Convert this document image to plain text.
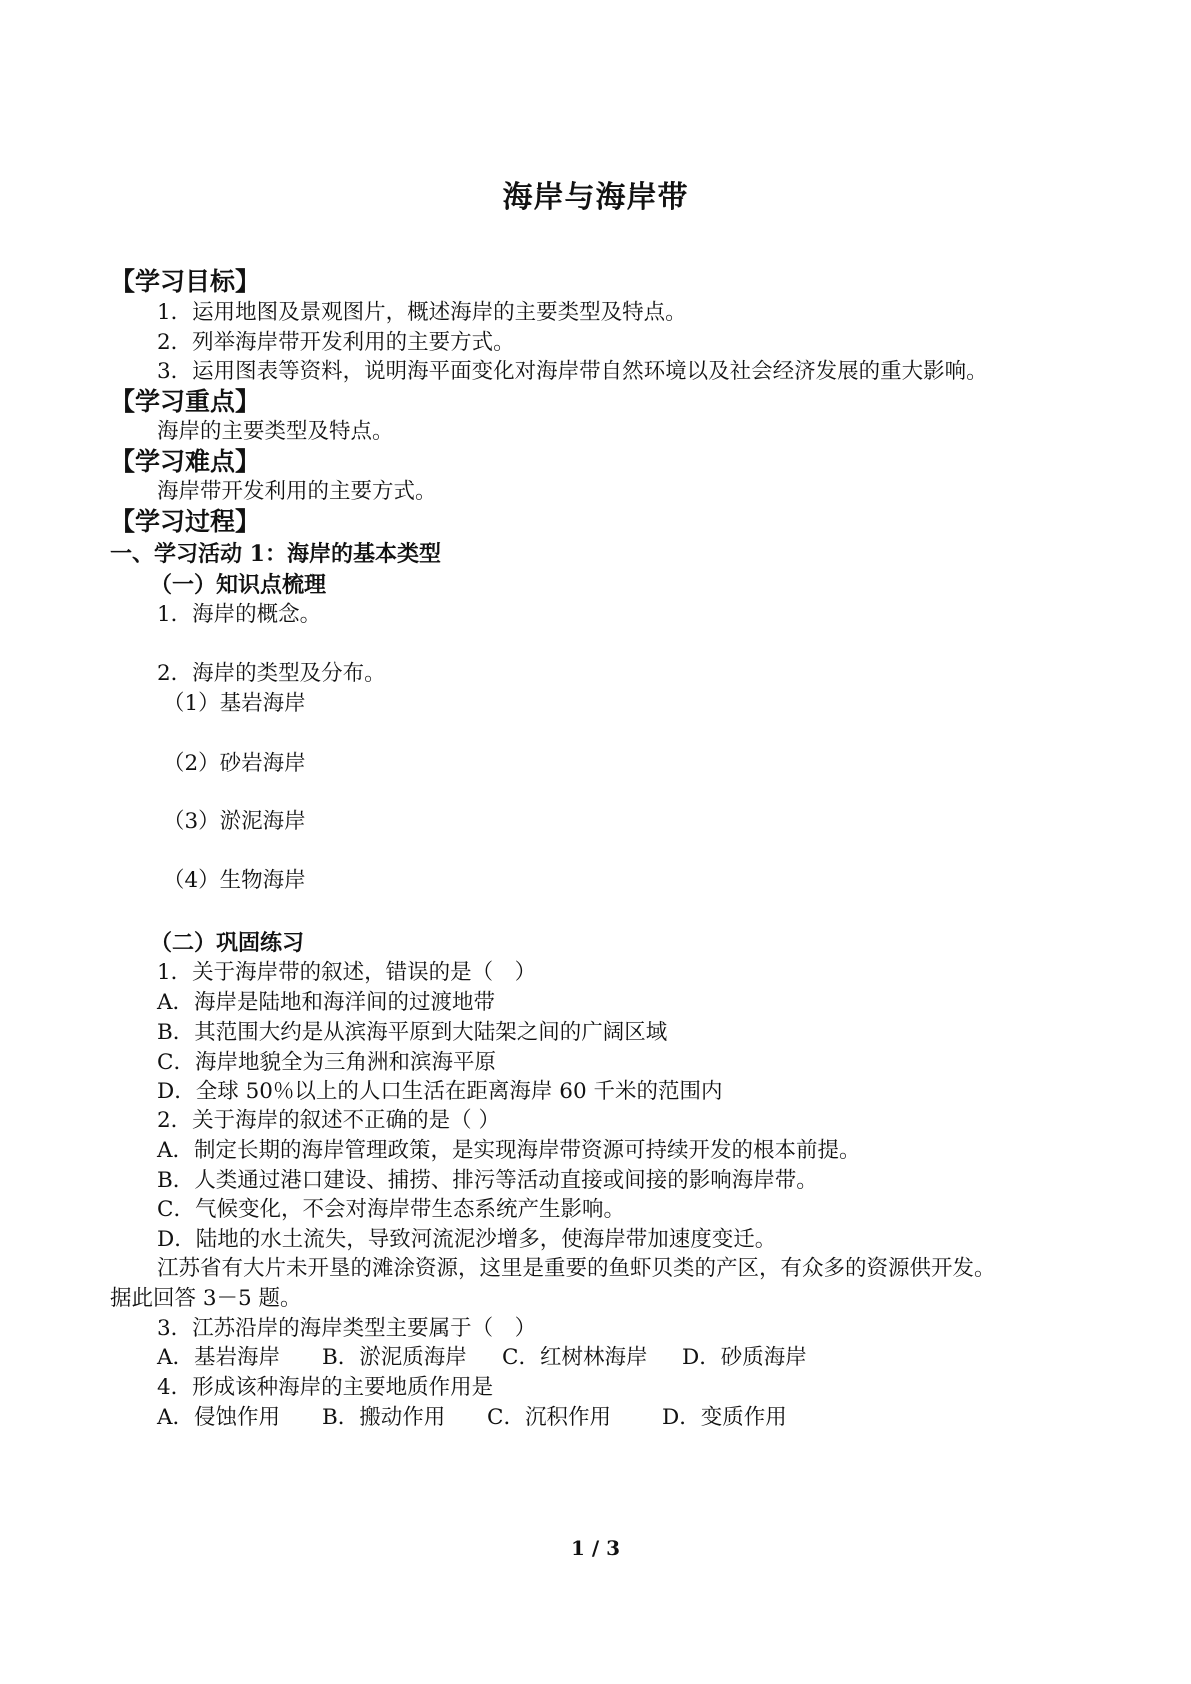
海岸与海岸带
【学习目标】
1．运用地图及景观图片，概述海岸的主要类型及特点。
2．列举海岸带开发利用的主要方式。
3．运用图表等资料，说明海平面变化对海岸带自然环境以及社会经济发展的重大影响。
【学习重点】
海岸的主要类型及特点。
【学习难点】
海岸带开发利用的主要方式。
【学习过程】
一、学习活动 1：海岸的基本类型
（一）知识点梳理
1．海岸的概念。
2．海岸的类型及分布。
（1）基岩海岸
（2）砂岩海岸
（3）淤泥海岸
（4）生物海岸
（二）巩固练习
1．关于海岸带的叙述，错误的是（　）
A．海岸是陆地和海洋间的过渡地带
B．其范围大约是从滨海平原到大陆架之间的广阔区域
C．海岸地貌全为三角洲和滨海平原
D．全球 50％以上的人口生活在距离海岸 60 千米的范围内
2．关于海岸的叙述不正确的是（ ）
A．制定长期的海岸管理政策，是实现海岸带资源可持续开发的根本前提。
B．人类通过港口建设、捕捞、排污等活动直接或间接的影响海岸带。
C．气候变化，不会对海岸带生态系统产生影响。
D．陆地的水土流失，导致河流泥沙增多，使海岸带加速度变迁。
江苏省有大片未开垦的滩涂资源，这里是重要的鱼虾贝类的产区，有众多的资源供开发。
据此回答 3－5 题。
3．江苏沿岸的海岸类型主要属于（　）
A．基岩海岸 B．淤泥质海岸 C．红树林海岸 D．砂质海岸
4．形成该种海岸的主要地质作用是
A．侵蚀作用 B．搬动作用 C．沉积作用 D．变质作用
1 / 3
